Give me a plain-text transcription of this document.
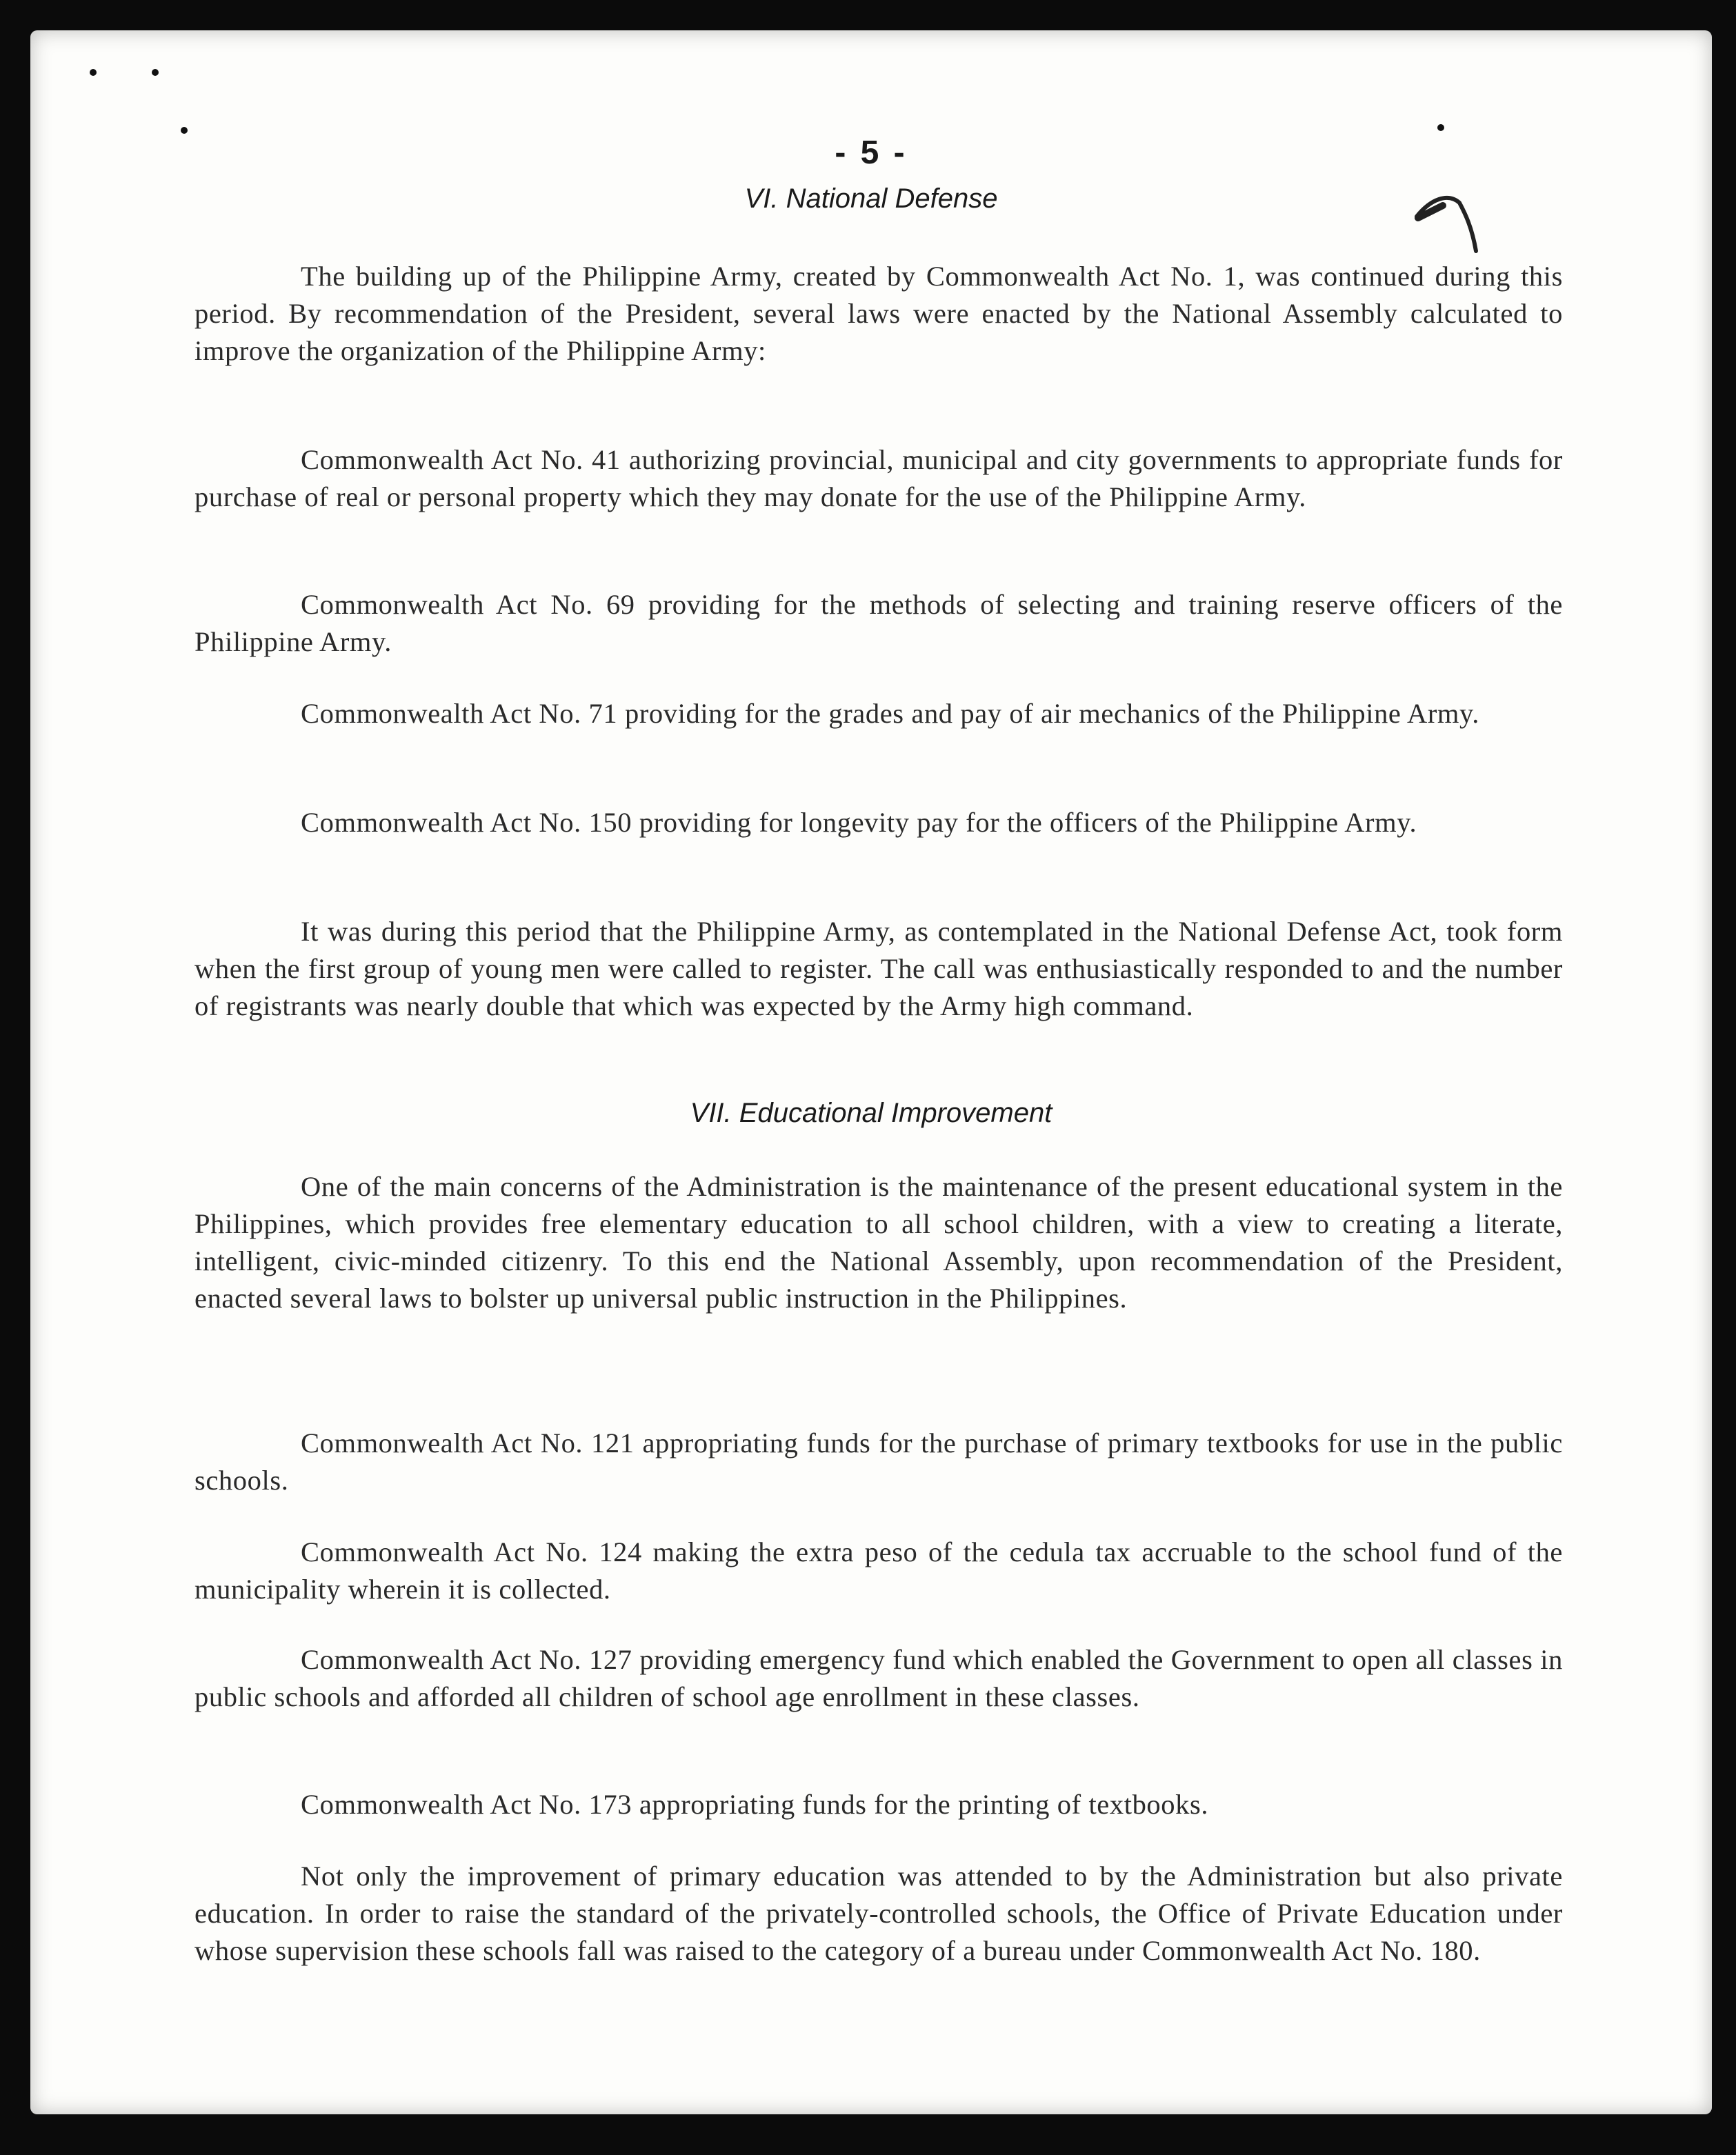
- 5 -
VI. National Defense

The building up of the Philippine Army, created by Commonwealth Act No. 1, was continued during this period. By recommendation of the President, several laws were enacted by the National Assembly calculated to improve the organization of the Philippine Army:

Commonwealth Act No. 41 authorizing provincial, municipal and city governments to appropriate funds for purchase of real or personal property which they may donate for the use of the Philippine Army.

Commonwealth Act No. 69 providing for the methods of selecting and training reserve officers of the Philippine Army.

Commonwealth Act No. 71 providing for the grades and pay of air mechanics of the Philippine Army.

Commonwealth Act No. 150 providing for longevity pay for the officers of the Philippine Army.

It was during this period that the Philippine Army, as contemplated in the National Defense Act, took form when the first group of young men were called to register. The call was enthusiastically responded to and the number of registrants was nearly double that which was expected by the Army high command.

VII. Educational Improvement

One of the main concerns of the Administration is the maintenance of the present educational system in the Philippines, which provides free elementary education to all school children, with a view to creating a literate, intelligent, civic-minded citizenry. To this end the National Assembly, upon recommendation of the President, enacted several laws to bolster up universal public instruction in the Philippines.

Commonwealth Act No. 121 appropriating funds for the purchase of primary textbooks for use in the public schools.

Commonwealth Act No. 124 making the extra peso of the cedula tax accruable to the school fund of the municipality wherein it is collected.

Commonwealth Act No. 127 providing emergency fund which enabled the Government to open all classes in public schools and afforded all children of school age enrollment in these classes.

Commonwealth Act No. 173 appropriating funds for the printing of textbooks.

Not only the improvement of primary education was attended to by the Administration but also private education. In order to raise the standard of the privately-controlled schools, the Office of Private Education under whose supervision these schools fall was raised to the category of a bureau under Commonwealth Act No. 180.
